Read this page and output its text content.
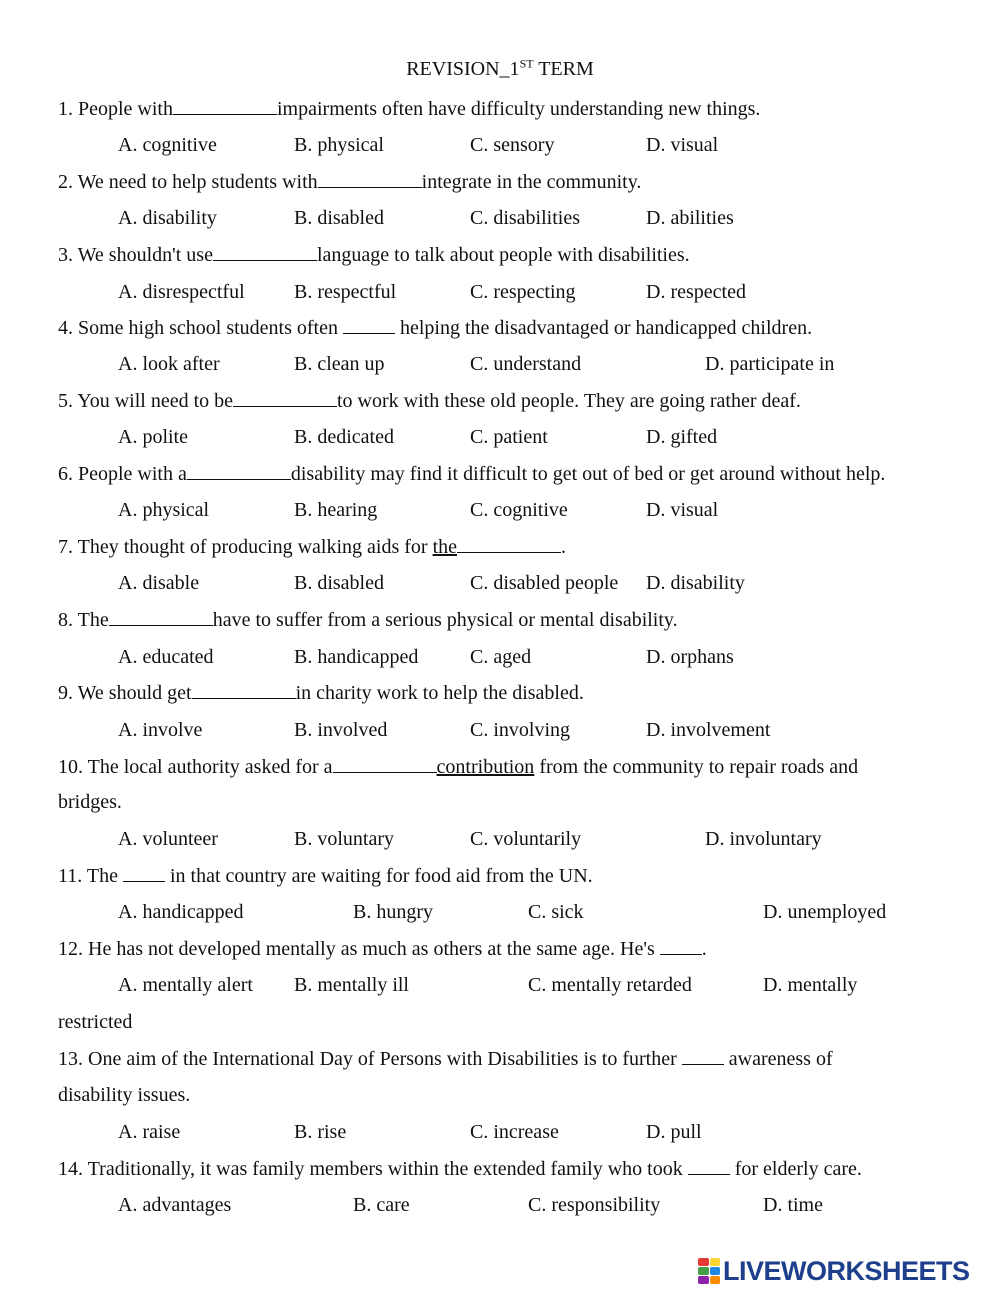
REVISION_1ST TERM
1. People with	impairments often have difficulty understanding new things.
A. cognitive	B. physical	C. sensory	D. visual
2. We need to help students with	integrate in the community.
A. disability	B. disabled	C. disabilities	D. abilities
3. We shouldn't use	language to talk about people with disabilities.
A. disrespectful B. respectful	C. respecting	D. respected
4. Some high school students often	helping the disadvantaged or handicapped children.
A. look after	B. clean up	C. understand	D. participate in
5. You will need to be	to work with these old people. They are going rather deaf.
A. polite	B. dedicated	C. patient	D. gifted
6. People with a	disability may find it difficult to get out of bed or get around without help.
A. physical	B. hearing	C. cognitive	D. visual
7. They thought of producing walking aids for the	.
A. disable	B. disabled	C. disabled people D. disability
8. The	have to suffer from a serious physical or mental disability.
A. educated	B. handicapped	C. aged	D. orphans
9. We should get	in charity work to help the disabled.
A. involve	B. involved	C. involving	D. involvement
10. The local authority asked for a	contribution from the community to repair roads and
bridges.
A. volunteer	B. voluntary	C. voluntarily	D. involuntary
11. The  in that country are waiting for food aid from the UN.
A. handicapped	B. hungry	C. sick	D. unemployed
12. He has not developed mentally as much as others at the same age. He's .
A. mentally alert B. mentally ill	C. mentally retarded	D. mentally
restricted
13. One aim of the International Day of Persons with Disabilities is to further  awareness of
disability issues.
A. raise	B. rise	C. increase	D. pull
14. Traditionally, it was family members within the extended family who took  for elderly care.
A. advantages	B. care	C. responsibility	D. time
LIVEWORKSHEETS
